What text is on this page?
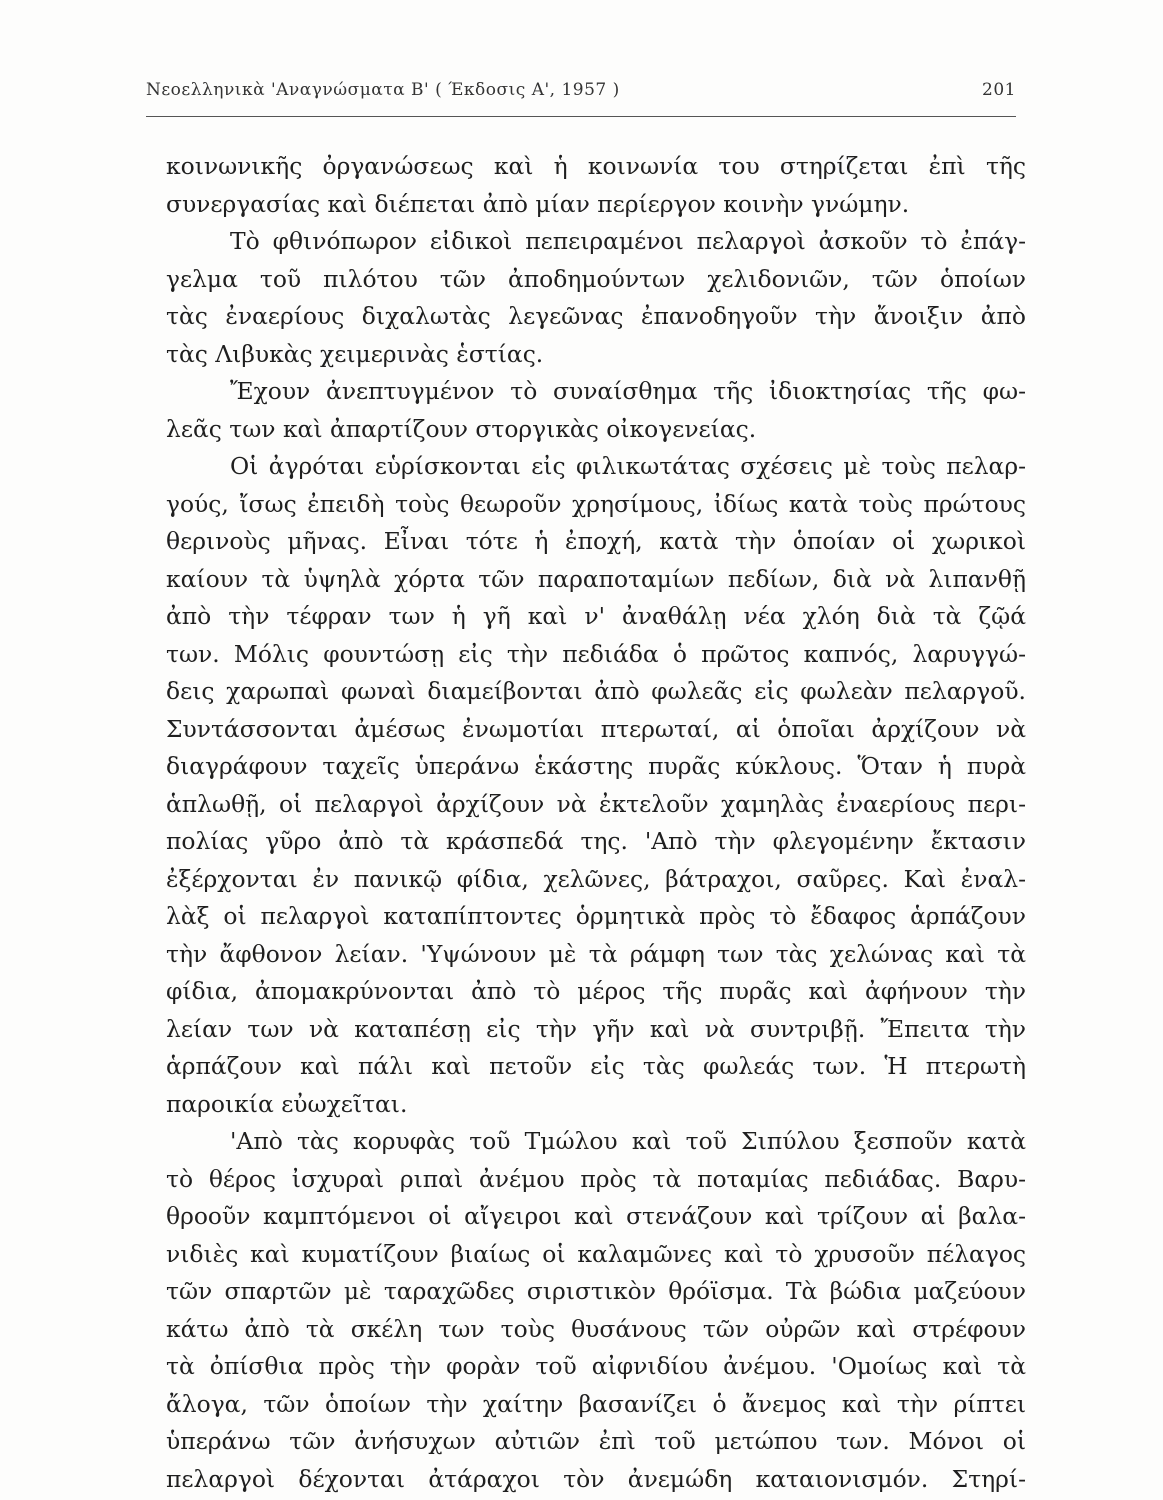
Νεοελληνικὰ 'Αναγνώσματα Β' ( Έκδοσις Α', 1957 )	201
κοινωνικῆς ὀργανώσεως καὶ ἡ κοινωνία του στηρίζεται ἐπὶ τῆς
συνεργασίας καὶ διέπεται ἀπὸ μίαν περίεργον κοινὴν γνώμην.
Τὸ φθινόπωρον εἰδικοὶ πεπειραμένοι πελαργοὶ ἀσκοῦν τὸ ἐπάγ-
γελμα τοῦ πιλότου τῶν ἀποδημούντων χελιδονιῶν, τῶν ὁποίων
τὰς ἐναερίους διχαλωτὰς λεγεῶνας ἐπανοδηγοῦν τὴν ἄνοιξιν ἀπὸ
τὰς Λιβυκὰς χειμερινὰς ἑστίας.
Ἔχουν ἀνεπτυγμένον τὸ συναίσθημα τῆς ἰδιοκτησίας τῆς φω-
λεᾶς των καὶ ἀπαρτίζουν στοργικὰς οἰκογενείας.
Οἱ ἀγρόται εὑρίσκονται εἰς φιλικωτάτας σχέσεις μὲ τοὺς πελαρ-
γούς, ἴσως ἐπειδὴ τοὺς θεωροῦν χρησίμους, ἰδίως κατὰ τοὺς πρώτους
θερινοὺς μῆνας. Εἶναι τότε ἡ ἐποχή, κατὰ τὴν ὁποίαν οἱ χωρικοὶ
καίουν τὰ ὑψηλὰ χόρτα τῶν παραποταμίων πεδίων, διὰ νὰ λιπανθῇ
ἀπὸ τὴν τέφραν των ἡ γῆ καὶ ν' ἀναθάλῃ νέα χλόη διὰ τὰ ζῷά
των. Μόλις φουντώσῃ εἰς τὴν πεδιάδα ὁ πρῶτος καπνός, λαρυγγώ-
δεις χαρωπαὶ φωναὶ διαμείβονται ἀπὸ φωλεᾶς εἰς φωλεὰν πελαργοῦ.
Συντάσσονται ἀμέσως ἐνωμοτίαι πτερωταί, αἱ ὁποῖαι ἀρχίζουν νὰ
διαγράφουν ταχεῖς ὑπεράνω ἑκάστης πυρᾶς κύκλους. Ὅταν ἡ πυρὰ
ἁπλωθῇ, οἱ πελαργοὶ ἀρχίζουν νὰ ἐκτελοῦν χαμηλὰς ἐναερίους περι-
πολίας γῦρο ἀπὸ τὰ κράσπεδά της. 'Απὸ τὴν φλεγομένην ἔκτασιν
ἐξέρχονται ἐν πανικῷ φίδια, χελῶνες, βάτραχοι, σαῦρες. Καὶ ἐναλ-
λὰξ οἱ πελαργοὶ καταπίπτοντες ὁρμητικὰ πρὸς τὸ ἔδαφος ἁρπάζουν
τὴν ἄφθονον λείαν. 'Υψώνουν μὲ τὰ ράμφη των τὰς χελώνας καὶ τὰ
φίδια, ἀπομακρύνονται ἀπὸ τὸ μέρος τῆς πυρᾶς καὶ ἀφήνουν τὴν
λείαν των νὰ καταπέσῃ εἰς τὴν γῆν καὶ νὰ συντριβῇ. Ἔπειτα τὴν
ἁρπάζουν καὶ πάλι καὶ πετοῦν εἰς τὰς φωλεάς των. Ἡ πτερωτὴ
παροικία εὐωχεῖται.
'Απὸ τὰς κορυφὰς τοῦ Τμώλου καὶ τοῦ Σιπύλου ξεσποῦν κατὰ
τὸ θέρος ἰσχυραὶ ριπαὶ ἀνέμου πρὸς τὰ ποταμίας πεδιάδας. Βαρυ-
θροοῦν καμπτόμενοι οἱ αἴγειροι καὶ στενάζουν καὶ τρίζουν αἱ βαλα-
νιδιὲς καὶ κυματίζουν βιαίως οἱ καλαμῶνες καὶ τὸ χρυσοῦν πέλαγος
τῶν σπαρτῶν μὲ ταραχῶδες σιριστικὸν θρόϊσμα. Τὰ βώδια μαζεύουν
κάτω ἀπὸ τὰ σκέλη των τοὺς θυσάνους τῶν οὐρῶν καὶ στρέφουν
τὰ ὀπίσθια πρὸς τὴν φορὰν τοῦ αἰφνιδίου ἀνέμου. 'Ομοίως καὶ τὰ
ἄλογα, τῶν ὁποίων τὴν χαίτην βασανίζει ὁ ἄνεμος καὶ τὴν ρίπτει
ὑπεράνω τῶν ἀνήσυχων αὐτιῶν ἐπὶ τοῦ μετώπου των. Μόνοι οἱ
πελαργοὶ δέχονται ἀτάραχοι τὸν ἀνεμώδη καταιονισμόν. Στηρί-
